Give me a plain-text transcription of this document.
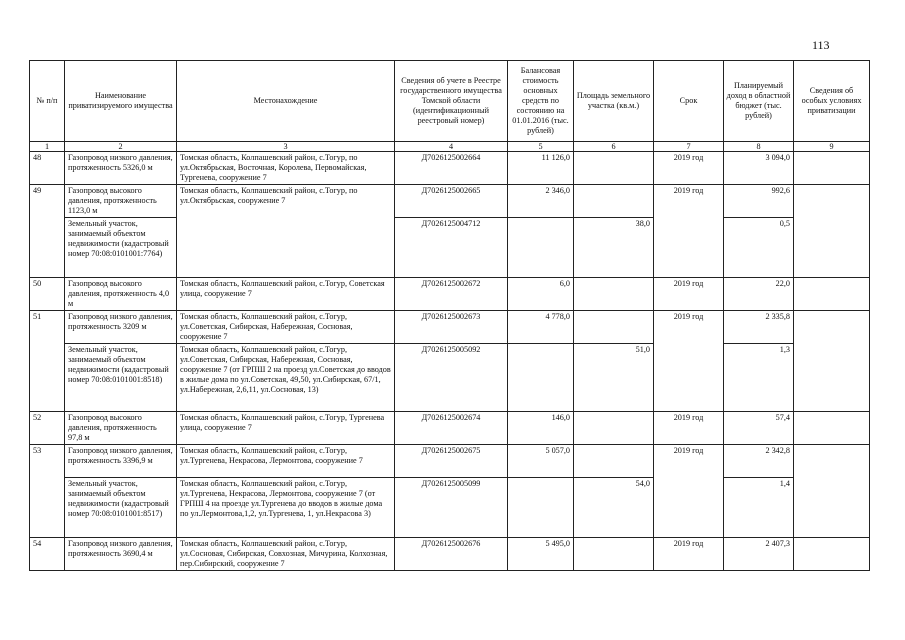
113
№ п/п	Наименование приватизируемого имущества	Местонахождение	Сведения об учете в Реестре государственного имущества Томской области (идентификационный реестровый номер)	Балансовая стоимость основных средств по состоянию на 01.01.2016 (тыс. рублей)	Площадь земельного участка (кв.м.)	Срок	Планируемый доход в областной бюджет (тыс. рублей)	Сведения об особых условиях приватизации
1	2	3	4	5	6	7	8	9
48	Газопровод низкого давления, протяженность 5326,0 м	Томская область, Колпашевский район, с.Тогур, по ул.Октябрьская, Восточная, Королева, Первомайская, Тургенева, сооружение 7	Д7026125002664	11 126,0		2019 год	3 094,0	
49	Газопровод высокого давления, протяженность 1123,0 м	Томская область, Колпашевский район, с.Тогур, по ул.Октябрьская, сооружение 7	Д7026125002665	2 346,0		2019 год	992,6	
	Земельный участок, занимаемый объектом недвижимости (кадастровый номер 70:08:0101001:7764)		Д7026125004712		38,0		0,5	
50	Газопровод высокого давления, протяженность 4,0 м	Томская область, Колпашевский район, с.Тогур, Советская улица, сооружение 7	Д7026125002672	6,0		2019 год	22,0	
51	Газопровод низкого давления, протяженность 3209 м	Томская область, Колпашевский район, с.Тогур, ул.Советская, Сибирская, Набережная, Сосновая, сооружение 7	Д7026125002673	4 778,0		2019 год	2 335,8	
	Земельный участок, занимаемый объектом недвижимости (кадастровый номер 70:08:0101001:8518)	Томская область, Колпашевский район, с.Тогур, ул.Советская, Сибирская, Набережная, Сосновая, сооружение 7 (от ГРПШ 2 на проезд ул.Советская до вводов в жилые дома по ул.Советская, 49,50, ул.Сибирская, 67/1, ул.Набережная, 2,6,11, ул.Сосновая, 13)	Д7026125005092		51,0		1,3	
52	Газопровод высокого давления, протяженность 97,8 м	Томская область, Колпашевский район, с.Тогур, Тургенева улица, сооружение 7	Д7026125002674	146,0		2019 год	57,4	
53	Газопровод низкого давления, протяженность 3396,9 м	Томская область, Колпашевский район, с.Тогур, ул.Тургенева, Некрасова, Лермонтова, сооружение 7	Д7026125002675	5 057,0		2019 год	2 342,8	
	Земельный участок, занимаемый объектом недвижимости (кадастровый номер 70:08:0101001:8517)	Томская область, Колпашевский район, с.Тогур, ул.Тургенева, Некрасова, Лермонтова, сооружение 7 (от ГРПШ 4 на проезде ул.Тургенева до вводов в жилые дома по ул.Лермонтова,1,2, ул.Тургенева, 1, ул.Некрасова 3)	Д7026125005099		54,0		1,4	
54	Газопровод низкого давления, протяженность 3690,4 м	Томская область, Колпашевский район, с.Тогур, ул.Сосновая, Сибирская, Совхозная, Мичурина, Колхозная, пер.Сибирский, сооружение 7	Д7026125002676	5 495,0		2019 год	2 407,3	
